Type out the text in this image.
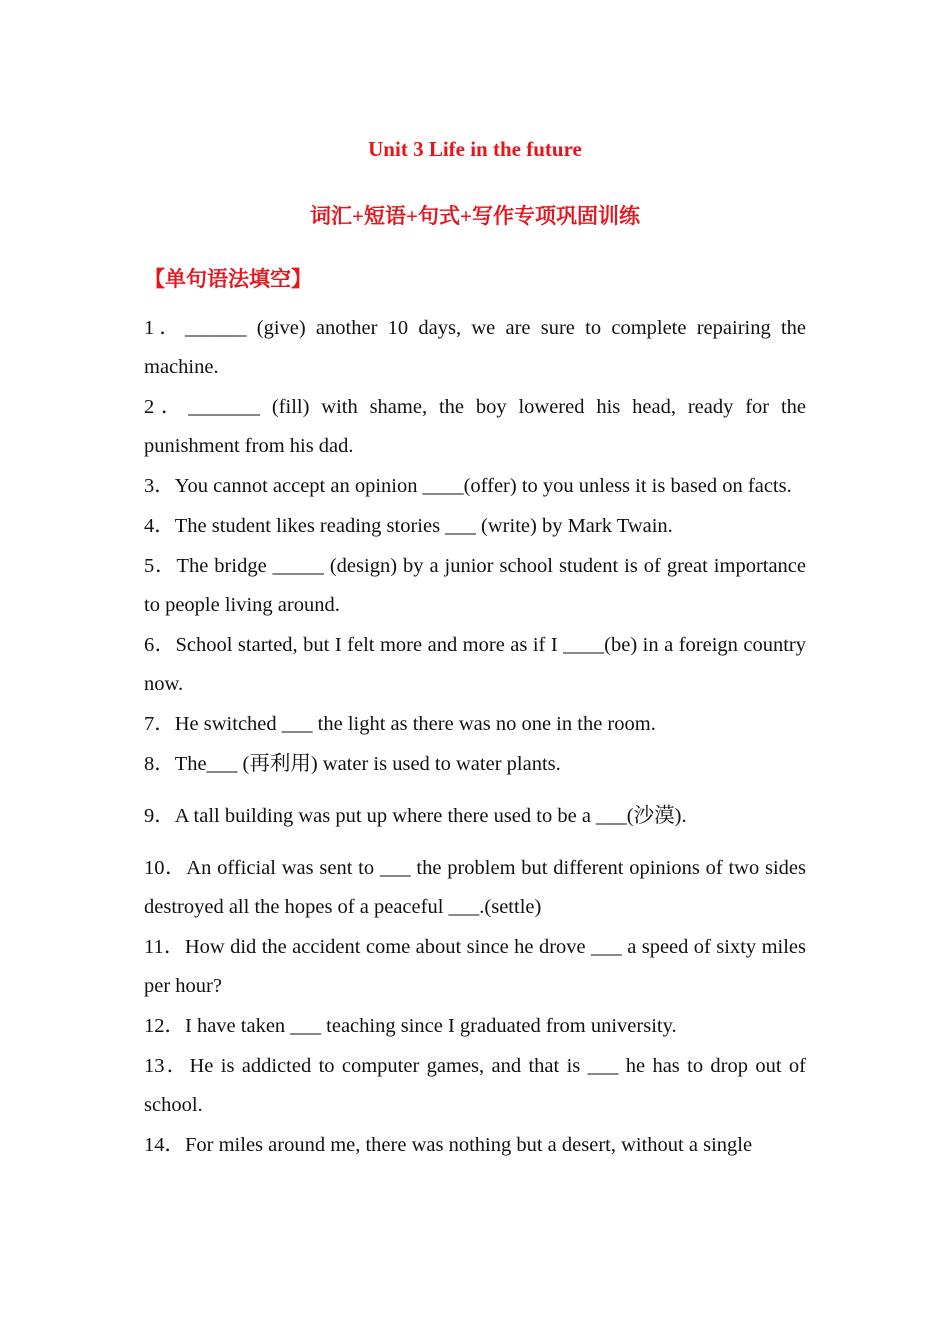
Unit 3 Life in the future
词汇+短语+句式+写作专项巩固训练
【单句语法填空】

1．______ (give) another 10 days, we are sure to complete repairing the machine.

2．_______ (fill) with shame, the boy lowered his head, ready for the punishment from his dad.

3．You cannot accept an opinion ____(offer) to you unless it is based on facts.

4．The student likes reading stories ___ (write) by Mark Twain.

5．The bridge _____ (design) by a junior school student is of great importance to people living around.

6．School started, but I felt more and more as if I ____(be) in a foreign country now.

7．He switched ___ the light as there was no one in the room.

8．The___ (再利用) water is used to water plants.

9．A tall building was put up where there used to be a ___(沙漠).

10．An official was sent to ___ the problem but different opinions of two sides destroyed all the hopes of a peaceful ___.(settle)

11．How did the accident come about since he drove ___ a speed of sixty miles per hour?

12．I have taken ___ teaching since I graduated from university.

13．He is addicted to computer games, and that is ___ he has to drop out of school.

14．For miles around me, there was nothing but a desert, without a single
